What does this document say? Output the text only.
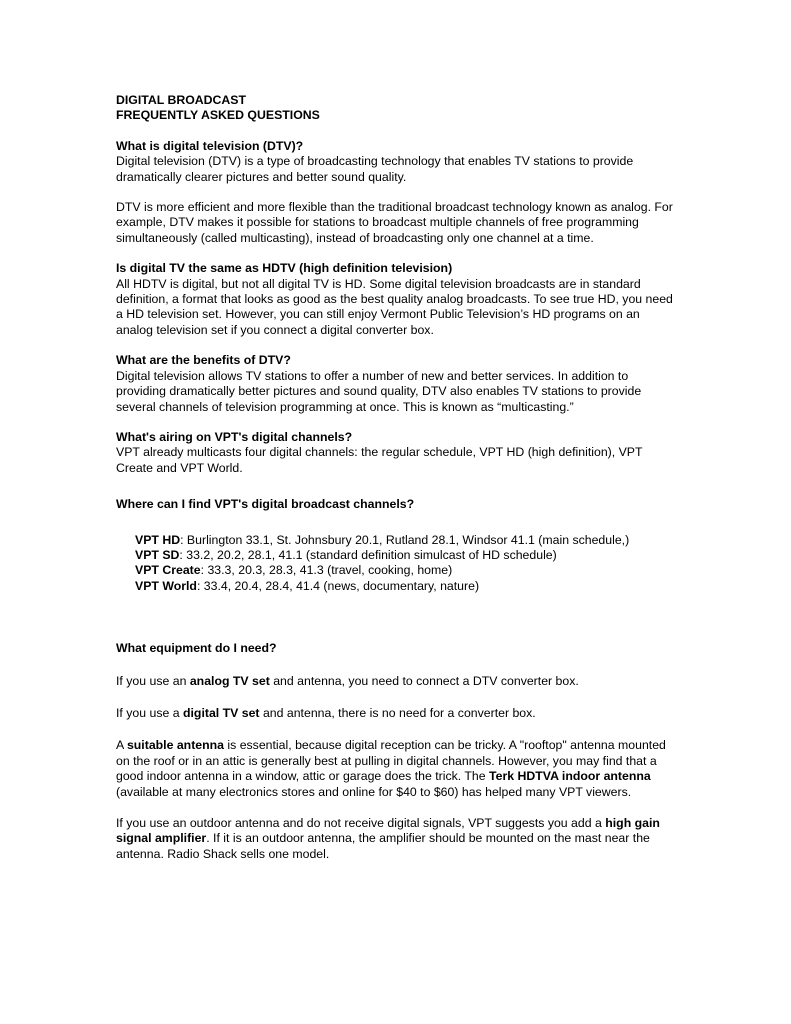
DIGITAL BROADCAST
FREQUENTLY ASKED QUESTIONS
What is digital television (DTV)?
Digital television (DTV) is a type of broadcasting technology that enables TV stations to provide dramatically clearer pictures and better sound quality.
DTV is more efficient and more flexible than the traditional broadcast technology known as analog. For example, DTV makes it possible for stations to broadcast multiple channels of free programming simultaneously (called multicasting), instead of broadcasting only one channel at a time.
Is digital TV the same as HDTV (high definition television)
All HDTV is digital, but not all digital TV is HD. Some digital television broadcasts are in standard definition, a format that looks as good as the best quality analog broadcasts. To see true HD, you need a HD television set. However, you can still enjoy Vermont Public Television’s HD programs on an analog television set if you connect a digital converter box.
What are the benefits of DTV?
Digital television allows TV stations to offer a number of new and better services. In addition to providing dramatically better pictures and sound quality, DTV also enables TV stations to provide several channels of television programming at once. This is known as “multicasting.”
What's airing on VPT's digital channels?
VPT already multicasts four digital channels: the regular schedule, VPT HD (high definition), VPT Create and VPT World.
Where can I find VPT's digital broadcast channels?
VPT HD: Burlington 33.1, St. Johnsbury 20.1, Rutland 28.1, Windsor 41.1 (main schedule,)
VPT SD: 33.2, 20.2, 28.1, 41.1 (standard definition simulcast of HD schedule)
VPT Create: 33.3, 20.3, 28.3, 41.3 (travel, cooking, home)
VPT World: 33.4, 20.4, 28.4, 41.4 (news, documentary, nature)
What equipment do I need?
If you use an analog TV set and antenna, you need to connect a DTV converter box.
If you use a digital TV set and antenna, there is no need for a converter box.
A suitable antenna is essential, because digital reception can be tricky. A "rooftop" antenna mounted on the roof or in an attic is generally best at pulling in digital channels. However, you may find that a good indoor antenna in a window, attic or garage does the trick. The Terk HDTVA indoor antenna (available at many electronics stores and online for $40 to $60) has helped many VPT viewers.
If you use an outdoor antenna and do not receive digital signals, VPT suggests you add a high gain signal amplifier. If it is an outdoor antenna, the amplifier should be mounted on the mast near the antenna. Radio Shack sells one model.
